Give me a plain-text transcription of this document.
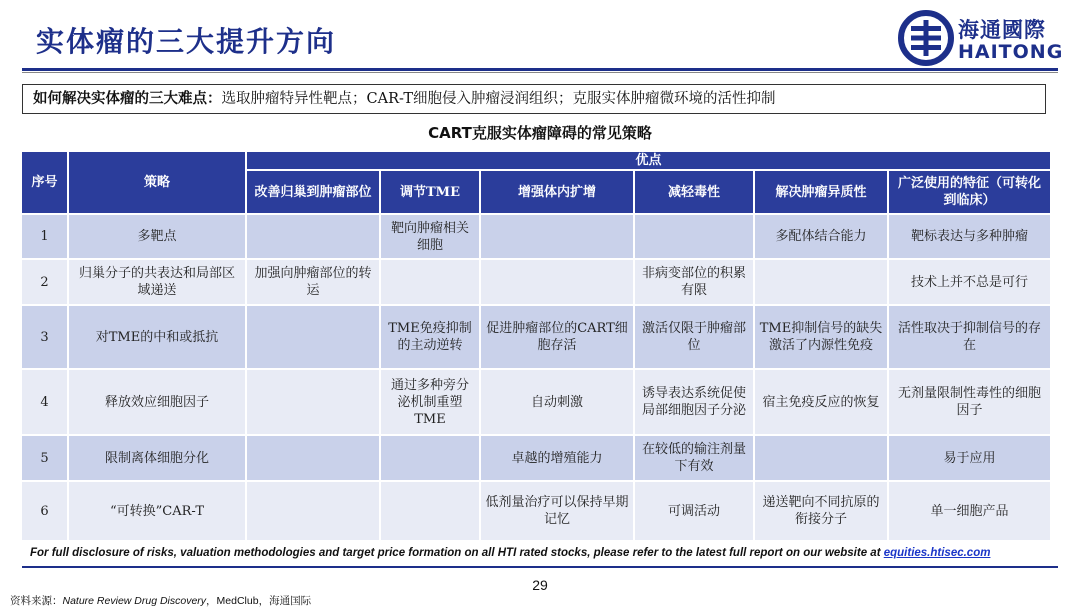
实体瘤的三大提升方向	海通國際
HAITONG
如何解决实体瘤的三大难点：选取肿瘤特异性靶点；CAR-T细胞侵入肿瘤浸润组织；克服实体肿瘤微环境的活性抑制
CART克服实体瘤障碍的常见策略
序号	策略	优点					
		改善归巢到肿瘤部位	调节TME	增强体内扩增	减轻毒性	解决肿瘤异质性	广泛使用的特征（可转化到临床）
1	多靶点		靶向肿瘤相关细胞			多配体结合能力	靶标表达与多种肿瘤
2	归巢分子的共表达和局部区域递送	加强向肿瘤部位的转运			非病变部位的积累有限		技术上并不总是可行
3	对TME的中和或抵抗		TME免疫抑制的主动逆转	促进肿瘤部位的CART细胞存活	激活仅限于肿瘤部位	TME抑制信号的缺失激活了内源性免疫	活性取决于抑制信号的存在
4	释放效应细胞因子		通过多种旁分泌机制重塑TME	自动刺激	诱导表达系统促使局部细胞因子分泌	宿主免疫反应的恢复	无剂量限制性毒性的细胞因子
5	限制离体细胞分化			卓越的增殖能力	在较低的输注剂量下有效		易于应用
6	“可转换”CAR-T			低剂量治疗可以保持早期记忆	可调活动	递送靶向不同抗原的衔接分子	单一细胞产品
For full disclosure of risks, valuation methodologies and target price formation on all HTI rated stocks, please refer to the latest full report on our website at equities.htisec.com
29
资料来源：Nature Review Drug Discovery，MedClub，海通国际
